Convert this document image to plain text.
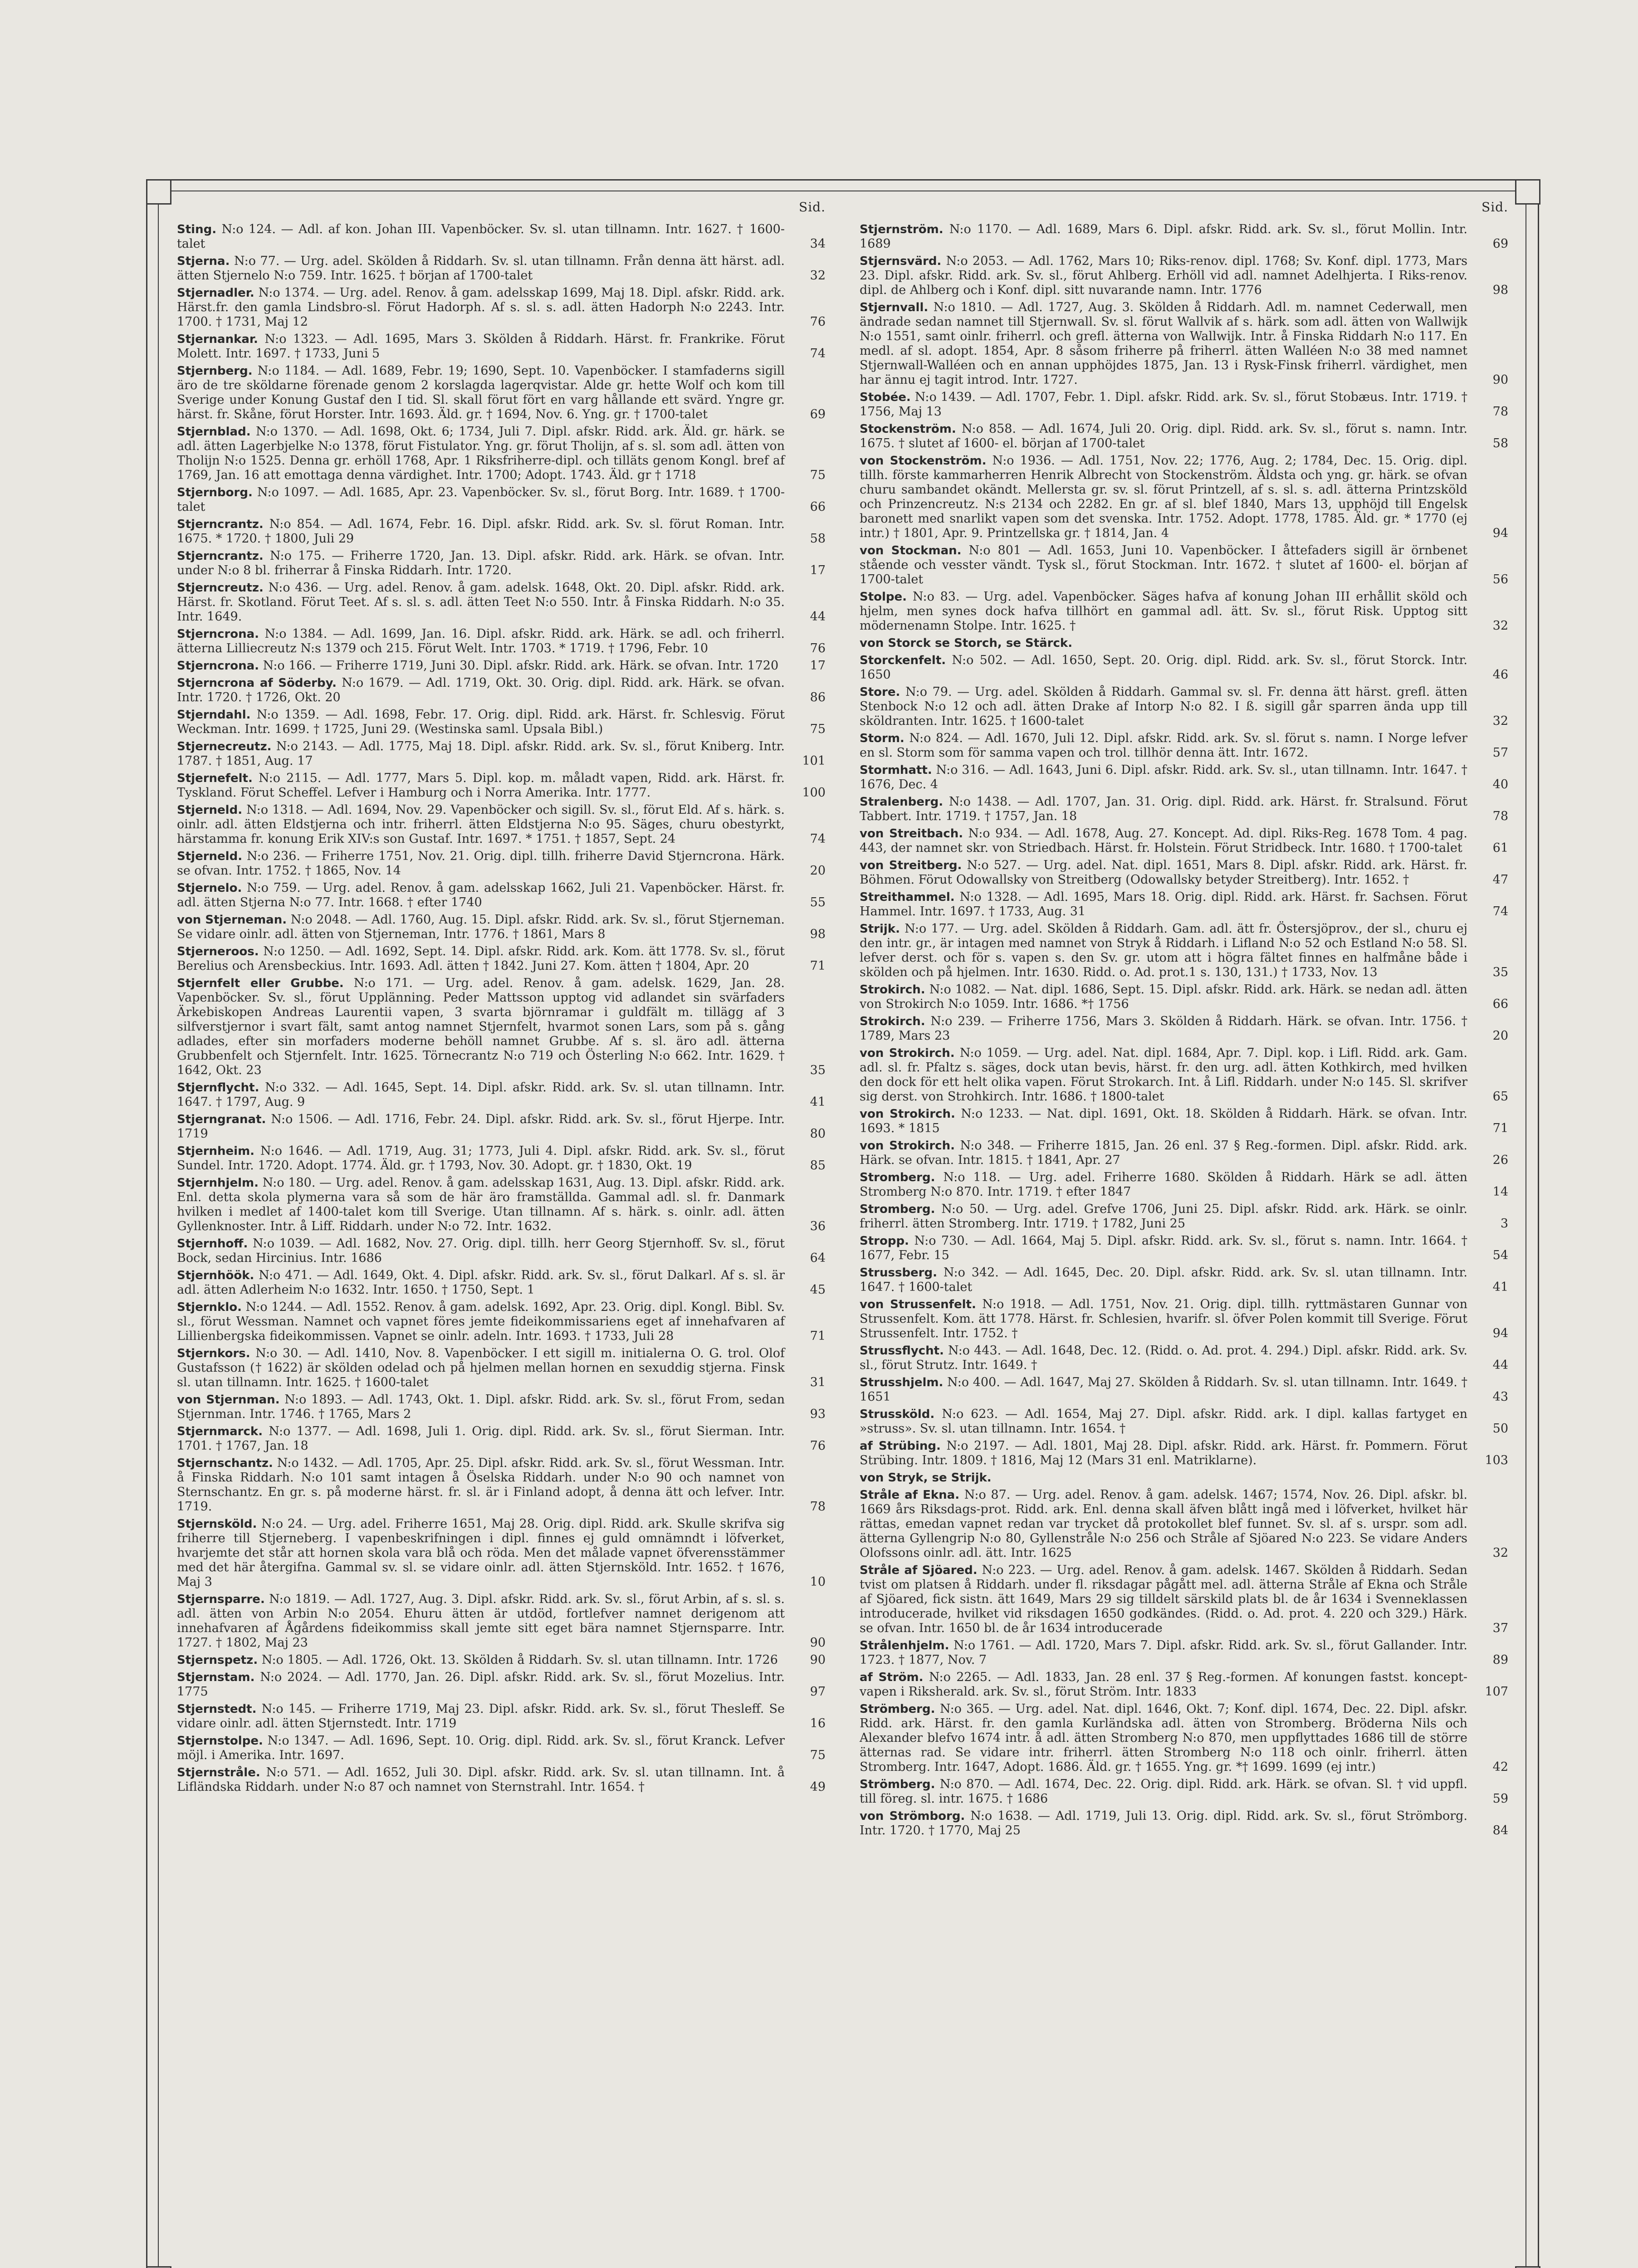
Sid.
Sting. N:o 124. — Adl. af kon. Johan III. Vapenböcker. Sv. sl. utan tillnamn. Intr. 1627. † 1600-talet	34
Stjerna. N:o 77. — Urg. adel. Skölden å Riddarh. Sv. sl. utan tillnamn. Från denna ätt härst. adl. ätten Stjernelo N:o 759. Intr. 1625. † början af 1700-talet	32
Stjernadler. N:o 1374. — Urg. adel. Renov. å gam. adelsskap 1699, Maj 18. Dipl. afskr. Ridd. ark. Härst.fr. den gamla Lindsbro-sl. Förut Hadorph. Af s. sl. s. adl. ätten Hadorph N:o 2243. Intr. 1700. † 1731, Maj 12	76
Stjernankar. N:o 1323. — Adl. 1695, Mars 3. Skölden å Riddarh. Härst. fr. Frankrike. Förut Molett. Intr. 1697. † 1733, Juni 5	74
Stjernberg. N:o 1184. — Adl. 1689, Febr. 19; 1690, Sept. 10. Vapenböcker. I stamfaderns sigill äro de tre sköldarne förenade genom 2 korslagda lagerqvistar. Alde gr. hette Wolf och kom till Sverige under Konung Gustaf den I tid. Sl. skall förut fört en varg hållande ett svärd. Yngre gr. härst. fr. Skåne, förut Horster. Intr. 1693. Äld. gr. † 1694, Nov. 6. Yng. gr. † 1700-talet	69
Stjernblad. N:o 1370. — Adl. 1698, Okt. 6; 1734, Juli 7. Dipl. afskr. Ridd. ark. Äld. gr. härk. se adl. ätten Lagerbjelke N:o 1378, förut Fistulator. Yng. gr. förut Tholijn, af s. sl. som adl. ätten von Tholijn N:o 1525. Denna gr. erhöll 1768, Apr. 1 Riksfriherre-dipl. och tilläts genom Kongl. bref af 1769, Jan. 16 att emottaga denna värdighet. Intr. 1700; Adopt. 1743. Äld. gr † 1718	75
Stjernborg. N:o 1097. — Adl. 1685, Apr. 23. Vapenböcker. Sv. sl., förut Borg. Intr. 1689. † 1700-talet	66
Stjerncrantz. N:o 854. — Adl. 1674, Febr. 16. Dipl. afskr. Ridd. ark. Sv. sl. förut Roman. Intr. 1675. * 1720. † 1800, Juli 29	58
Stjerncrantz. N:o 175. — Friherre 1720, Jan. 13. Dipl. afskr. Ridd. ark. Härk. se ofvan. Intr. under N:o 8 bl. friherrar å Finska Riddarh. Intr. 1720.	17
Stjerncreutz. N:o 436. — Urg. adel. Renov. å gam. adelsk. 1648, Okt. 20. Dipl. afskr. Ridd. ark. Härst. fr. Skotland. Förut Teet. Af s. sl. s. adl. ätten Teet N:o 550. Intr. å Finska Riddarh. N:o 35. Intr. 1649.	44
Stjerncrona. N:o 1384. — Adl. 1699, Jan. 16. Dipl. afskr. Ridd. ark. Härk. se adl. och friherrl. ätterna Lilliecreutz N:s 1379 och 215. Förut Welt. Intr. 1703. * 1719. † 1796, Febr. 10	76
Stjerncrona. N:o 166. — Friherre 1719, Juni 30. Dipl. afskr. Ridd. ark. Härk. se ofvan. Intr. 1720	17
Stjerncrona af Söderby. N:o 1679. — Adl. 1719, Okt. 30. Orig. dipl. Ridd. ark. Härk. se ofvan. Intr. 1720. † 1726, Okt. 20	86
Stjerndahl. N:o 1359. — Adl. 1698, Febr. 17. Orig. dipl. Ridd. ark. Härst. fr. Schlesvig. Förut Weckman. Intr. 1699. † 1725, Juni 29. (Westinska saml. Upsala Bibl.)	75
Stjernecreutz. N:o 2143. — Adl. 1775, Maj 18. Dipl. afskr. Ridd. ark. Sv. sl., förut Kniberg. Intr. 1787. † 1851, Aug. 17	101
Stjernefelt. N:o 2115. — Adl. 1777, Mars 5. Dipl. kop. m. måladt vapen, Ridd. ark. Härst. fr. Tyskland. Förut Scheffel. Lefver i Hamburg och i Norra Amerika. Intr. 1777.	100
Stjerneld. N:o 1318. — Adl. 1694, Nov. 29. Vapenböcker och sigill. Sv. sl., förut Eld. Af s. härk. s. oinlr. adl. ätten Eldstjerna och intr. friherrl. ätten Eldstjerna N:o 95. Säges, churu obestyrkt, härstamma fr. konung Erik XIV:s son Gustaf. Intr. 1697. * 1751. † 1857, Sept. 24	74
Stjerneld. N:o 236. — Friherre 1751, Nov. 21. Orig. dipl. tillh. friherre David Stjerncrona. Härk. se ofvan. Intr. 1752. † 1865, Nov. 14	20
Stjernelo. N:o 759. — Urg. adel. Renov. å gam. adelsskap 1662, Juli 21. Vapenböcker. Härst. fr. adl. ätten Stjerna N:o 77. Intr. 1668. † efter 1740	55
von Stjerneman. N:o 2048. — Adl. 1760, Aug. 15. Dipl. afskr. Ridd. ark. Sv. sl., förut Stjerneman. Se vidare oinlr. adl. ätten von Stjerneman, Intr. 1776. † 1861, Mars 8	98
Stjerneroos. N:o 1250. — Adl. 1692, Sept. 14. Dipl. afskr. Ridd. ark. Kom. ätt 1778. Sv. sl., förut Berelius och Arensbeckius. Intr. 1693. Adl. ätten † 1842. Juni 27. Kom. ätten † 1804, Apr. 20	71
Stjernfelt eller Grubbe. N:o 171. — Urg. adel. Renov. å gam. adelsk. 1629, Jan. 28. Vapenböcker. Sv. sl., förut Upplänning. Peder Mattsson upptog vid adlandet sin svärfaders Ärkebiskopen Andreas Laurentii vapen, 3 svarta björnramar i guldfält m. tillägg af 3 silfverstjernor i svart fält, samt antog namnet Stjernfelt, hvarmot sonen Lars, som på s. gång adlades, efter sin morfaders moderne behöll namnet Grubbe. Af s. sl. äro adl. ätterna Grubbenfelt och Stjernfelt. Intr. 1625. Törnecrantz N:o 719 och Österling N:o 662. Intr. 1629. † 1642, Okt. 23	35
Stjernflycht. N:o 332. — Adl. 1645, Sept. 14. Dipl. afskr. Ridd. ark. Sv. sl. utan tillnamn. Intr. 1647. † 1797, Aug. 9	41
Stjerngranat. N:o 1506. — Adl. 1716, Febr. 24. Dipl. afskr. Ridd. ark. Sv. sl., förut Hjerpe. Intr. 1719	80
Stjernheim. N:o 1646. — Adl. 1719, Aug. 31; 1773, Juli 4. Dipl. afskr. Ridd. ark. Sv. sl., förut Sundel. Intr. 1720. Adopt. 1774. Äld. gr. † 1793, Nov. 30. Adopt. gr. † 1830, Okt. 19	85
Stjernhjelm. N:o 180. — Urg. adel. Renov. å gam. adelsskap 1631, Aug. 13. Dipl. afskr. Ridd. ark. Enl. detta skola plymerna vara så som de här äro framställda. Gammal adl. sl. fr. Danmark hvilken i medlet af 1400-talet kom till Sverige. Utan tillnamn. Af s. härk. s. oinlr. adl. ätten Gyllenknoster. Intr. å Liff. Riddarh. under N:o 72. Intr. 1632.	36
Stjernhoff. N:o 1039. — Adl. 1682, Nov. 27. Orig. dipl. tillh. herr Georg Stjernhoff. Sv. sl., förut Bock, sedan Hircinius. Intr. 1686	64
Stjernhöök. N:o 471. — Adl. 1649, Okt. 4. Dipl. afskr. Ridd. ark. Sv. sl., förut Dalkarl. Af s. sl. är adl. ätten Adlerheim N:o 1632. Intr. 1650. † 1750, Sept. 1	45
Stjernklo. N:o 1244. — Adl. 1552. Renov. å gam. adelsk. 1692, Apr. 23. Orig. dipl. Kongl. Bibl. Sv. sl., förut Wessman. Namnet och vapnet föres jemte fideikommissariens eget af innehafvaren af Lillienbergska fideikommissen. Vapnet se oinlr. adeln. Intr. 1693. † 1733, Juli 28	71
Stjernkors. N:o 30. — Adl. 1410, Nov. 8. Vapenböcker. I ett sigill m. initialerna O. G. trol. Olof Gustafsson († 1622) är skölden odelad och på hjelmen mellan hornen en sexuddig stjerna. Finsk sl. utan tillnamn. Intr. 1625. † 1600-talet	31
von Stjernman. N:o 1893. — Adl. 1743, Okt. 1. Dipl. afskr. Ridd. ark. Sv. sl., förut From, sedan Stjernman. Intr. 1746. † 1765, Mars 2	93
Stjernmarck. N:o 1377. — Adl. 1698, Juli 1. Orig. dipl. Ridd. ark. Sv. sl., förut Sierman. Intr. 1701. † 1767, Jan. 18	76
Stjernschantz. N:o 1432. — Adl. 1705, Apr. 25. Dipl. afskr. Ridd. ark. Sv. sl., förut Wessman. Intr. å Finska Riddarh. N:o 101 samt intagen å Öselska Riddarh. under N:o 90 och namnet von Sternschantz. En gr. s. på moderne härst. fr. sl. är i Finland adopt, å denna ätt och lefver. Intr. 1719.	78
Stjernsköld. N:o 24. — Urg. adel. Friherre 1651, Maj 28. Orig. dipl. Ridd. ark. Skulle skrifva sig friherre till Stjerneberg. I vapenbeskrifningen i dipl. finnes ej guld omnämndt i löfverket, hvarjemte det står att hornen skola vara blå och röda. Men det målade vapnet öfverensstämmer med det här återgifna. Gammal sv. sl. se vidare oinlr. adl. ätten Stjernsköld. Intr. 1652. † 1676, Maj 3	10
Stjernsparre. N:o 1819. — Adl. 1727, Aug. 3. Dipl. afskr. Ridd. ark. Sv. sl., förut Arbin, af s. sl. s. adl. ätten von Arbin N:o 2054. Ehuru ätten är utdöd, fortlefver namnet derigenom att innehafvaren af Ågårdens fideikommiss skall jemte sitt eget bära namnet Stjernsparre. Intr. 1727. † 1802, Maj 23	90
Stjernspetz. N:o 1805. — Adl. 1726, Okt. 13. Skölden å Riddarh. Sv. sl. utan tillnamn. Intr. 1726	90
Stjernstam. N:o 2024. — Adl. 1770, Jan. 26. Dipl. afskr. Ridd. ark. Sv. sl., förut Mozelius. Intr. 1775	97
Stjernstedt. N:o 145. — Friherre 1719, Maj 23. Dipl. afskr. Ridd. ark. Sv. sl., förut Thesleff. Se vidare oinlr. adl. ätten Stjernstedt. Intr. 1719	16
Stjernstolpe. N:o 1347. — Adl. 1696, Sept. 10. Orig. dipl. Ridd. ark. Sv. sl., förut Kranck. Lefver möjl. i Amerika. Intr. 1697.	75
Stjernstråle. N:o 571. — Adl. 1652, Juli 30. Dipl. afskr. Ridd. ark. Sv. sl. utan tillnamn. Int. å Lifländska Riddarh. under N:o 87 och namnet von Sternstrahl. Intr. 1654. †	49
Sid.
Stjernström. N:o 1170. — Adl. 1689, Mars 6. Dipl. afskr. Ridd. ark. Sv. sl., förut Mollin. Intr. 1689	69
Stjernsvärd. N:o 2053. — Adl. 1762, Mars 10; Riks-renov. dipl. 1768; Sv. Konf. dipl. 1773, Mars 23. Dipl. afskr. Ridd. ark. Sv. sl., förut Ahlberg. Erhöll vid adl. namnet Adelhjerta. I Riks-renov. dipl. de Ahlberg och i Konf. dipl. sitt nuvarande namn. Intr. 1776	98
Stjernvall. N:o 1810. — Adl. 1727, Aug. 3. Skölden å Riddarh. Adl. m. namnet Cederwall, men ändrade sedan namnet till Stjernwall. Sv. sl. förut Wallvik af s. härk. som adl. ätten von Wallwijk N:o 1551, samt oinlr. friherrl. och grefl. ätterna von Wallwijk. Intr. å Finska Riddarh N:o 117. En medl. af sl. adopt. 1854, Apr. 8 såsom friherre på friherrl. ätten Walléen N:o 38 med namnet Stjernwall-Walléen och en annan upphöjdes 1875, Jan. 13 i Rysk-Finsk friherrl. värdighet, men har ännu ej tagit introd. Intr. 1727.	90
Stobée. N:o 1439. — Adl. 1707, Febr. 1. Dipl. afskr. Ridd. ark. Sv. sl., förut Stobæus. Intr. 1719. † 1756, Maj 13	78
Stockenström. N:o 858. — Adl. 1674, Juli 20. Orig. dipl. Ridd. ark. Sv. sl., förut s. namn. Intr. 1675. † slutet af 1600- el. början af 1700-talet	58
von Stockenström. N:o 1936. — Adl. 1751, Nov. 22; 1776, Aug. 2; 1784, Dec. 15. Orig. dipl. tillh. förste kammarherren Henrik Albrecht von Stockenström. Äldsta och yng. gr. härk. se ofvan churu sambandet okändt. Mellersta gr. sv. sl. förut Printzell, af s. sl. s. adl. ätterna Printzsköld och Prinzencreutz. N:s 2134 och 2282. En gr. af sl. blef 1840, Mars 13, upphöjd till Engelsk baronett med snarlikt vapen som det svenska. Intr. 1752. Adopt. 1778, 1785. Äld. gr. * 1770 (ej intr.) † 1801, Apr. 9. Printzellska gr. † 1814, Jan. 4	94
von Stockman. N:o 801 — Adl. 1653, Juni 10. Vapenböcker. I åttefaders sigill är örnbenet stående och vesster vändt. Tysk sl., förut Stockman. Intr. 1672. † slutet af 1600- el. början af 1700-talet	56
Stolpe. N:o 83. — Urg. adel. Vapenböcker. Säges hafva af konung Johan III erhållit sköld och hjelm, men synes dock hafva tillhört en gammal adl. ätt. Sv. sl., förut Risk. Upptog sitt mödernenamn Stolpe. Intr. 1625. †	32
von Storck se Storch, se Stärck.
Storckenfelt. N:o 502. — Adl. 1650, Sept. 20. Orig. dipl. Ridd. ark. Sv. sl., förut Storck. Intr. 1650	46
Store. N:o 79. — Urg. adel. Skölden å Riddarh. Gammal sv. sl. Fr. denna ätt härst. grefl. ätten Stenbock N:o 12 och adl. ätten Drake af Intorp N:o 82. I ß. sigill går sparren ända upp till sköldranten. Intr. 1625. † 1600-talet	32
Storm. N:o 824. — Adl. 1670, Juli 12. Dipl. afskr. Ridd. ark. Sv. sl. förut s. namn. I Norge lefver en sl. Storm som för samma vapen och trol. tillhör denna ätt. Intr. 1672.	57
Stormhatt. N:o 316. — Adl. 1643, Juni 6. Dipl. afskr. Ridd. ark. Sv. sl., utan tillnamn. Intr. 1647. † 1676, Dec. 4	40
Stralenberg. N:o 1438. — Adl. 1707, Jan. 31. Orig. dipl. Ridd. ark. Härst. fr. Stralsund. Förut Tabbert. Intr. 1719. † 1757, Jan. 18	78
von Streitbach. N:o 934. — Adl. 1678, Aug. 27. Koncept. Ad. dipl. Riks-Reg. 1678 Tom. 4 pag. 443, der namnet skr. von Striedbach. Härst. fr. Holstein. Förut Stridbeck. Intr. 1680. † 1700-talet	61
von Streitberg. N:o 527. — Urg. adel. Nat. dipl. 1651, Mars 8. Dipl. afskr. Ridd. ark. Härst. fr. Böhmen. Förut Odowallsky von Streitberg (Odowallsky betyder Streitberg). Intr. 1652. †	47
Streithammel. N:o 1328. — Adl. 1695, Mars 18. Orig. dipl. Ridd. ark. Härst. fr. Sachsen. Förut Hammel. Intr. 1697. † 1733, Aug. 31	74
Strijk. N:o 177. — Urg. adel. Skölden å Riddarh. Gam. adl. ätt fr. Östersjöprov., der sl., churu ej den intr. gr., är intagen med namnet von Stryk å Riddarh. i Lifland N:o 52 och Estland N:o 58. Sl. lefver derst. och för s. vapen s. den Sv. gr. utom att i högra fältet finnes en halfmåne både i skölden och på hjelmen. Intr. 1630. Ridd. o. Ad. prot.1 s. 130, 131.) † 1733, Nov. 13	35
Strokirch. N:o 1082. — Nat. dipl. 1686, Sept. 15. Dipl. afskr. Ridd. ark. Härk. se nedan adl. ätten von Strokirch N:o 1059. Intr. 1686. *† 1756	66
Strokirch. N:o 239. — Friherre 1756, Mars 3. Skölden å Riddarh. Härk. se ofvan. Intr. 1756. † 1789, Mars 23	20
von Strokirch. N:o 1059. — Urg. adel. Nat. dipl. 1684, Apr. 7. Dipl. kop. i Lifl. Ridd. ark. Gam. adl. sl. fr. Pfaltz s. säges, dock utan bevis, härst. fr. den urg. adl. ätten Kothkirch, med hvilken den dock för ett helt olika vapen. Förut Strokarch. Int. å Lifl. Riddarh. under N:o 145. Sl. skrifver sig derst. von Strohkirch. Intr. 1686. † 1800-talet	65
von Strokirch. N:o 1233. — Nat. dipl. 1691, Okt. 18. Skölden å Riddarh. Härk. se ofvan. Intr. 1693. * 1815	71
von Strokirch. N:o 348. — Friherre 1815, Jan. 26 enl. 37 § Reg.-formen. Dipl. afskr. Ridd. ark. Härk. se ofvan. Intr. 1815. † 1841, Apr. 27	26
Stromberg. N:o 118. — Urg. adel. Friherre 1680. Skölden å Riddarh. Härk se adl. ätten Stromberg N:o 870. Intr. 1719. † efter 1847	14
Stromberg. N:o 50. — Urg. adel. Grefve 1706, Juni 25. Dipl. afskr. Ridd. ark. Härk. se oinlr. friherrl. ätten Stromberg. Intr. 1719. † 1782, Juni 25	3
Stropp. N:o 730. — Adl. 1664, Maj 5. Dipl. afskr. Ridd. ark. Sv. sl., förut s. namn. Intr. 1664. † 1677, Febr. 15	54
Strussberg. N:o 342. — Adl. 1645, Dec. 20. Dipl. afskr. Ridd. ark. Sv. sl. utan tillnamn. Intr. 1647. † 1600-talet	41
von Strussenfelt. N:o 1918. — Adl. 1751, Nov. 21. Orig. dipl. tillh. ryttmästaren Gunnar von Strussenfelt. Kom. ätt 1778. Härst. fr. Schlesien, hvarifr. sl. öfver Polen kommit till Sverige. Förut Strussenfelt. Intr. 1752. †	94
Strussflycht. N:o 443. — Adl. 1648, Dec. 12. (Ridd. o. Ad. prot. 4. 294.) Dipl. afskr. Ridd. ark. Sv. sl., förut Strutz. Intr. 1649. †	44
Strusshjelm. N:o 400. — Adl. 1647, Maj 27. Skölden å Riddarh. Sv. sl. utan tillnamn. Intr. 1649. † 1651	43
Strussköld. N:o 623. — Adl. 1654, Maj 27. Dipl. afskr. Ridd. ark. I dipl. kallas fartyget en »struss». Sv. sl. utan tillnamn. Intr. 1654. †	50
af Strübing. N:o 2197. — Adl. 1801, Maj 28. Dipl. afskr. Ridd. ark. Härst. fr. Pommern. Förut Strübing. Intr. 1809. † 1816, Maj 12 (Mars 31 enl. Matriklarne).	103
von Stryk, se Strijk.
Stråle af Ekna. N:o 87. — Urg. adel. Renov. å gam. adelsk. 1467; 1574, Nov. 26. Dipl. afskr. bl. 1669 års Riksdags-prot. Ridd. ark. Enl. denna skall äfven blått ingå med i löfverket, hvilket här rättas, emedan vapnet redan var trycket då protokollet blef funnet. Sv. sl. af s. urspr. som adl. ätterna Gyllengrip N:o 80, Gyllenstråle N:o 256 och Stråle af Sjöared N:o 223. Se vidare Anders Olofssons oinlr. adl. ätt. Intr. 1625	32
Stråle af Sjöared. N:o 223. — Urg. adel. Renov. å gam. adelsk. 1467. Skölden å Riddarh. Sedan tvist om platsen å Riddarh. under fl. riksdagar pågått mel. adl. ätterna Stråle af Ekna och Stråle af Sjöared, fick sistn. ätt 1649, Mars 29 sig tilldelt särskild plats bl. de år 1634 i Svenneklassen introducerade, hvilket vid riksdagen 1650 godkändes. (Ridd. o. Ad. prot. 4. 220 och 329.) Härk. se ofvan. Intr. 1650 bl. de år 1634 introducerade	37
Strålenhjelm. N:o 1761. — Adl. 1720, Mars 7. Dipl. afskr. Ridd. ark. Sv. sl., förut Gallander. Intr. 1723. † 1877, Nov. 7	89
af Ström. N:o 2265. — Adl. 1833, Jan. 28 enl. 37 § Reg.-formen. Af konungen fastst. koncept-vapen i Riksherald. ark. Sv. sl., förut Ström. Intr. 1833	107
Strömberg. N:o 365. — Urg. adel. Nat. dipl. 1646, Okt. 7; Konf. dipl. 1674, Dec. 22. Dipl. afskr. Ridd. ark. Härst. fr. den gamla Kurländska adl. ätten von Stromberg. Bröderna Nils och Alexander blefvo 1674 intr. å adl. ätten Stromberg N:o 870, men uppflyttades 1686 till de större ätternas rad. Se vidare intr. friherrl. ätten Stromberg N:o 118 och oinlr. friherrl. ätten Stromberg. Intr. 1647, Adopt. 1686. Äld. gr. † 1655. Yng. gr. *† 1699. 1699 (ej intr.)	42
Strömberg. N:o 870. — Adl. 1674, Dec. 22. Orig. dipl. Ridd. ark. Härk. se ofvan. Sl. † vid uppfl. till föreg. sl. intr. 1675. † 1686	59
von Strömborg. N:o 1638. — Adl. 1719, Juli 13. Orig. dipl. Ridd. ark. Sv. sl., förut Strömborg. Intr. 1720. † 1770, Maj 25	84
